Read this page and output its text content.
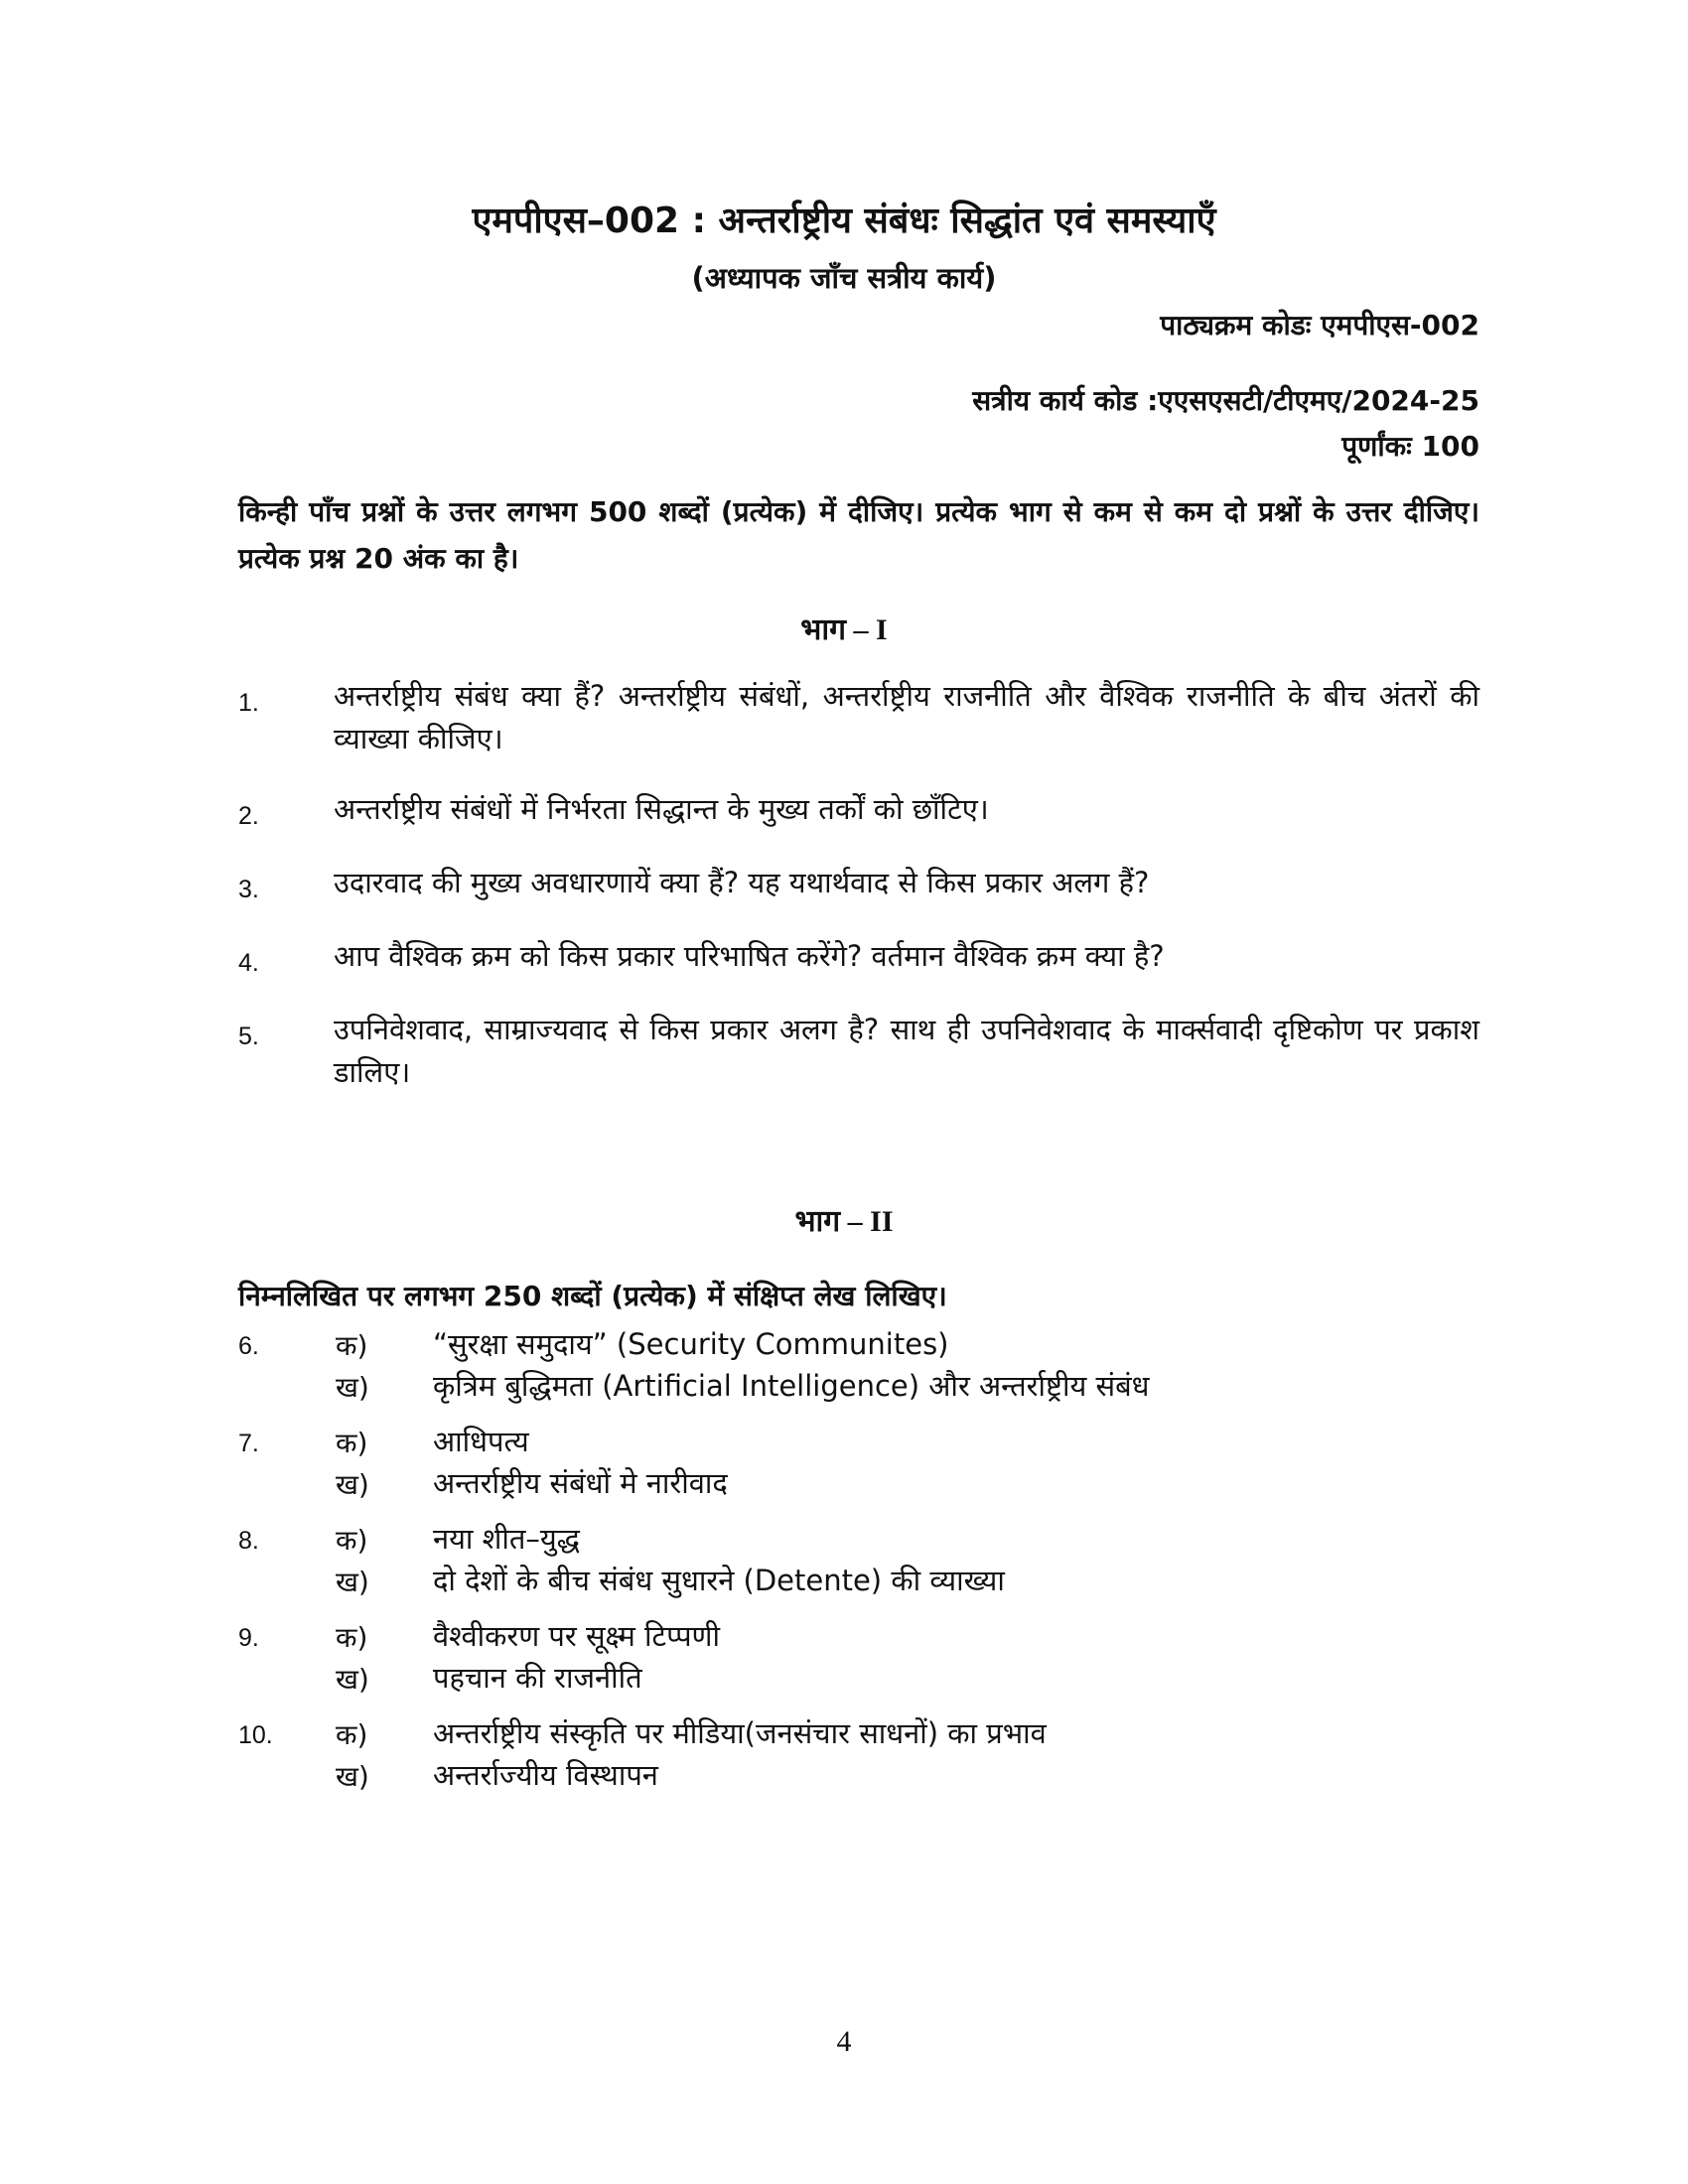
एमपीएस–002 : अन्तर्राष्ट्रीय संबंधः सिद्धांत एवं समस्याएँ
(अध्यापक जाँच सत्रीय कार्य)
पाठ्यक्रम कोडः एमपीएस-002
सत्रीय कार्य कोड :एएसएसटी/टीएमए/2024-25
पूर्णांकः 100
किन्ही पाँच प्रश्नों के उत्तर लगभग 500 शब्दों (प्रत्येक) में दीजिए। प्रत्येक भाग से कम से कम दो प्रश्नों के उत्तर दीजिए। प्रत्येक प्रश्न 20 अंक का है।
भाग – I
1.	अन्तर्राष्ट्रीय संबंध क्या हैं? अन्तर्राष्ट्रीय संबंधों, अन्तर्राष्ट्रीय राजनीति और वैश्विक राजनीति के बीच अंतरों की व्याख्या कीजिए।
2.	अन्तर्राष्ट्रीय संबंधों में निर्भरता सिद्धान्त के मुख्य तर्कों को छाँटिए।
3.	उदारवाद की मुख्य अवधारणायें क्या हैं? यह यथार्थवाद से किस प्रकार अलग हैं?
4.	आप वैश्विक क्रम को किस प्रकार परिभाषित करेंगे? वर्तमान वैश्विक क्रम क्या है?
5.	उपनिवेशवाद, साम्राज्यवाद से किस प्रकार अलग है? साथ ही उपनिवेशवाद के मार्क्सवादी दृष्टिकोण पर प्रकाश डालिए।
भाग – II
निम्नलिखित पर लगभग 250 शब्दों (प्रत्येक) में संक्षिप्त लेख लिखिए।
6.	क) “सुरक्षा समुदाय” (Security Communites)
ख) कृत्रिम बुद्धिमता (Artificial Intelligence) और अन्तर्राष्ट्रीय संबंध
7.	क) आधिपत्य
ख) अन्तर्राष्ट्रीय संबंधों मे नारीवाद
8.	क) नया शीत–युद्ध
ख) दो देशों के बीच संबंध सुधारने (Detente) की व्याख्या
9.	क) वैश्वीकरण पर सूक्ष्म टिप्पणी
ख) पहचान की राजनीति
10. क) अन्तर्राष्ट्रीय संस्कृति पर मीडिया(जनसंचार साधनों) का प्रभाव
ख) अन्तर्राज्यीय विस्थापन
4
